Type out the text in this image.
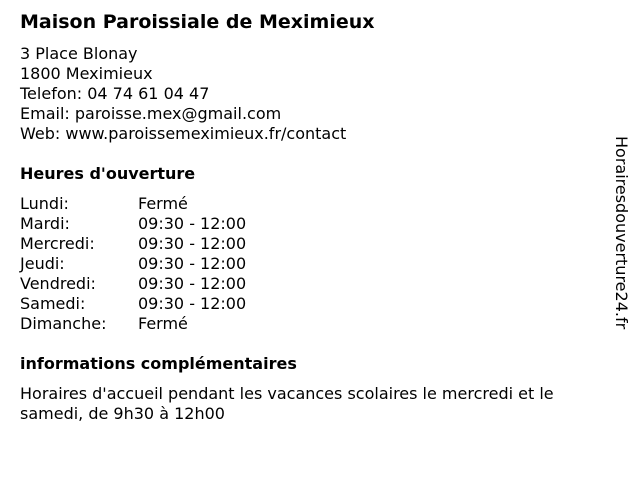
Maison Paroissiale de Meximieux
3 Place Blonay
1800 Meximieux
Telefon: 04 74 61 04 47
Email: paroisse.mex@gmail.com
Web: www.paroissemeximieux.fr/contact
Heures d'ouverture
Lundi:	Fermé
Mardi:	09:30 - 12:00
Mercredi:	09:30 - 12:00
Jeudi:	09:30 - 12:00
Vendredi:	09:30 - 12:00
Samedi:	09:30 - 12:00
Dimanche:	Fermé
informations complémentaires
Horaires d'accueil pendant les vacances scolaires le mercredi et le samedi, de 9h30 à 12h00
Horairesdouverture24.fr
